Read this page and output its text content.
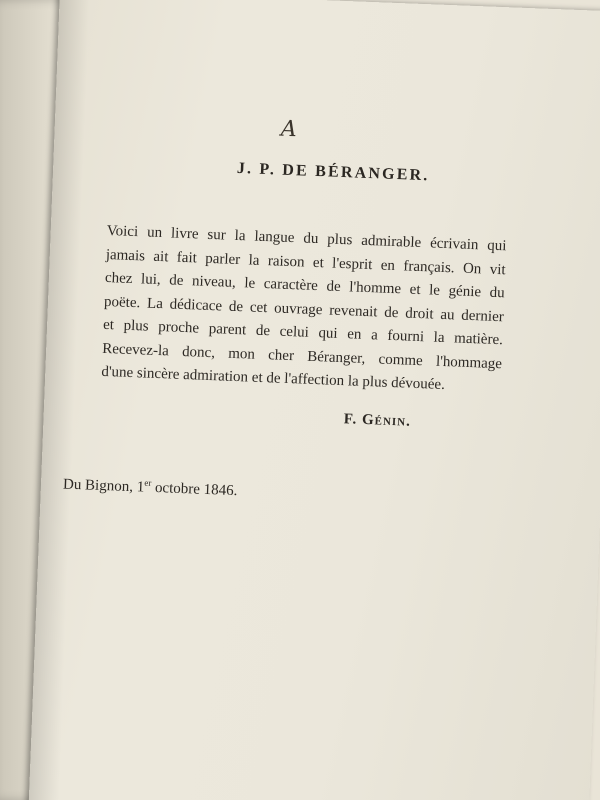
A
J. P. DE BÉRANGER.
Voici un livre sur la langue du plus admirable écrivain qui
jamais ait fait parler la raison et l'esprit en français. On vit
chez lui, de niveau, le caractère de l'homme et le génie du
poëte. La dédicace de cet ouvrage revenait de droit au dernier
et plus proche parent de celui qui en a fourni la matière.
Recevez-la donc, mon cher Béranger, comme l'hommage
d'une sincère admiration et de l'affection la plus dévouée.
F. Génin.
Du Bignon, 1er octobre 1846.
